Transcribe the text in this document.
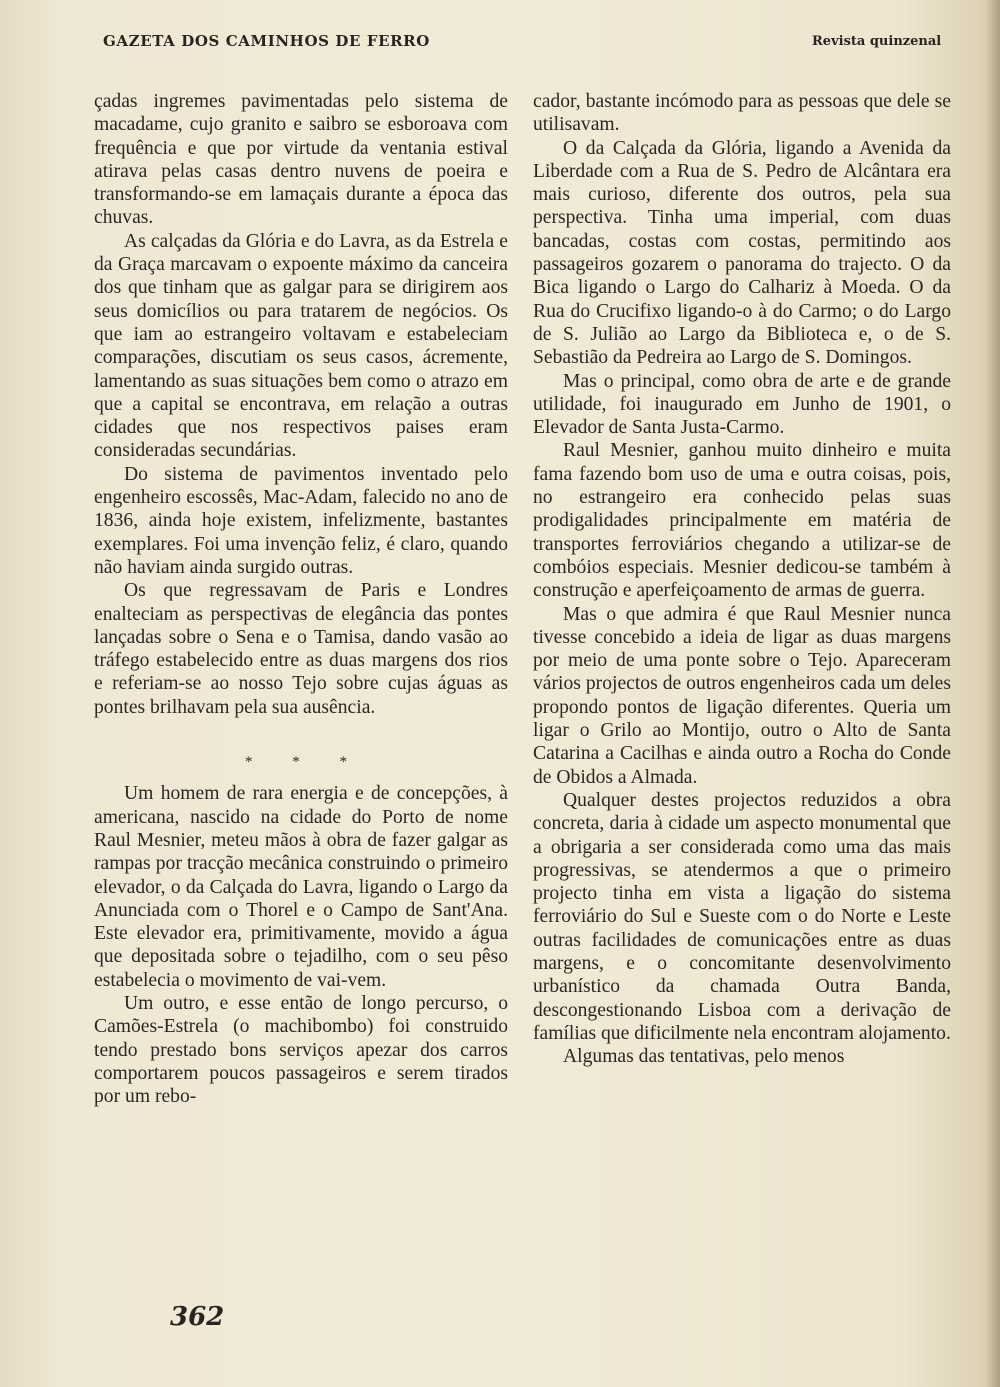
GAZETA DOS CAMINHOS DE FERRO	Revista quinzenal

çadas ingremes pavimentadas pelo sistema de macadame, cujo granito e saibro se esboroava com frequência e que por virtude da ventania estival atirava pelas casas dentro nuvens de poeira e transformando-se em lamaçais durante a época das chuvas.

As calçadas da Glória e do Lavra, as da Estrela e da Graça marcavam o expoente máximo da canceira dos que tinham que as galgar para se dirigirem aos seus domicílios ou para tratarem de negócios. Os que iam ao estrangeiro voltavam e estabeleciam comparações, discutiam os seus casos, ácremente, lamentando as suas situações bem como o atrazo em que a capital se encontrava, em relação a outras cidades que nos respectivos paises eram consideradas secundárias.

Do sistema de pavimentos inventado pelo engenheiro escossês, Mac-Adam, falecido no ano de 1836, ainda hoje existem, infelizmente, bastantes exemplares. Foi uma invenção feliz, é claro, quando não haviam ainda surgido outras.

Os que regressavam de Paris e Londres enalteciam as perspectivas de elegância das pontes lançadas sobre o Sena e o Tamisa, dando vasão ao tráfego estabelecido entre as duas margens dos rios e referiam-se ao nosso Tejo sobre cujas águas as pontes brilhavam pela sua ausência.

* * *

Um homem de rara energia e de concepções, à americana, nascido na cidade do Porto de nome Raul Mesnier, meteu mãos à obra de fazer galgar as rampas por tracção mecânica construindo o primeiro elevador, o da Calçada do Lavra, ligando o Largo da Anunciada com o Thorel e o Campo de Sant'Ana. Este elevador era, primitivamente, movido a água que depositada sobre o tejadilho, com o seu pêso estabelecia o movimento de vai-vem.

Um outro, e esse então de longo percurso, o Camões-Estrela (o machibombo) foi construido tendo prestado bons serviços apezar dos carros comportarem poucos passageiros e serem tirados por um rebo-

cador, bastante incómodo para as pessoas que dele se utilisavam.

O da Calçada da Glória, ligando a Avenida da Liberdade com a Rua de S. Pedro de Alcântara era mais curioso, diferente dos outros, pela sua perspectiva. Tinha uma imperial, com duas bancadas, costas com costas, permitindo aos passageiros gozarem o panorama do trajecto. O da Bica ligando o Largo do Calhariz à Moeda. O da Rua do Crucifixo ligando-o à do Carmo; o do Largo de S. Julião ao Largo da Biblioteca e, o de S. Sebastião da Pedreira ao Largo de S. Domingos.

Mas o principal, como obra de arte e de grande utilidade, foi inaugurado em Junho de 1901, o Elevador de Santa Justa-Carmo.

Raul Mesnier, ganhou muito dinheiro e muita fama fazendo bom uso de uma e outra coisas, pois, no estrangeiro era conhecido pelas suas prodigalidades principalmente em matéria de transportes ferroviários chegando a utilizar-se de combóios especiais. Mesnier dedicou-se também à construção e aperfeiçoamento de armas de guerra.

Mas o que admira é que Raul Mesnier nunca tivesse concebido a ideia de ligar as duas margens por meio de uma ponte sobre o Tejo. Apareceram vários projectos de outros engenheiros cada um deles propondo pontos de ligação diferentes. Queria um ligar o Grilo ao Montijo, outro o Alto de Santa Catarina a Cacilhas e ainda outro a Rocha do Conde de Obidos a Almada.

Qualquer destes projectos reduzidos a obra concreta, daria à cidade um aspecto monumental que a obrigaria a ser considerada como uma das mais progressivas, se atendermos a que o primeiro projecto tinha em vista a ligação do sistema ferroviário do Sul e Sueste com o do Norte e Leste outras facilidades de comunicações entre as duas margens, e o concomitante desenvolvimento urbanístico da chamada Outra Banda, descongestionando Lisboa com a derivação de famílias que dificilmente nela encontram alojamento.

Algumas das tentativas, pelo menos

362
